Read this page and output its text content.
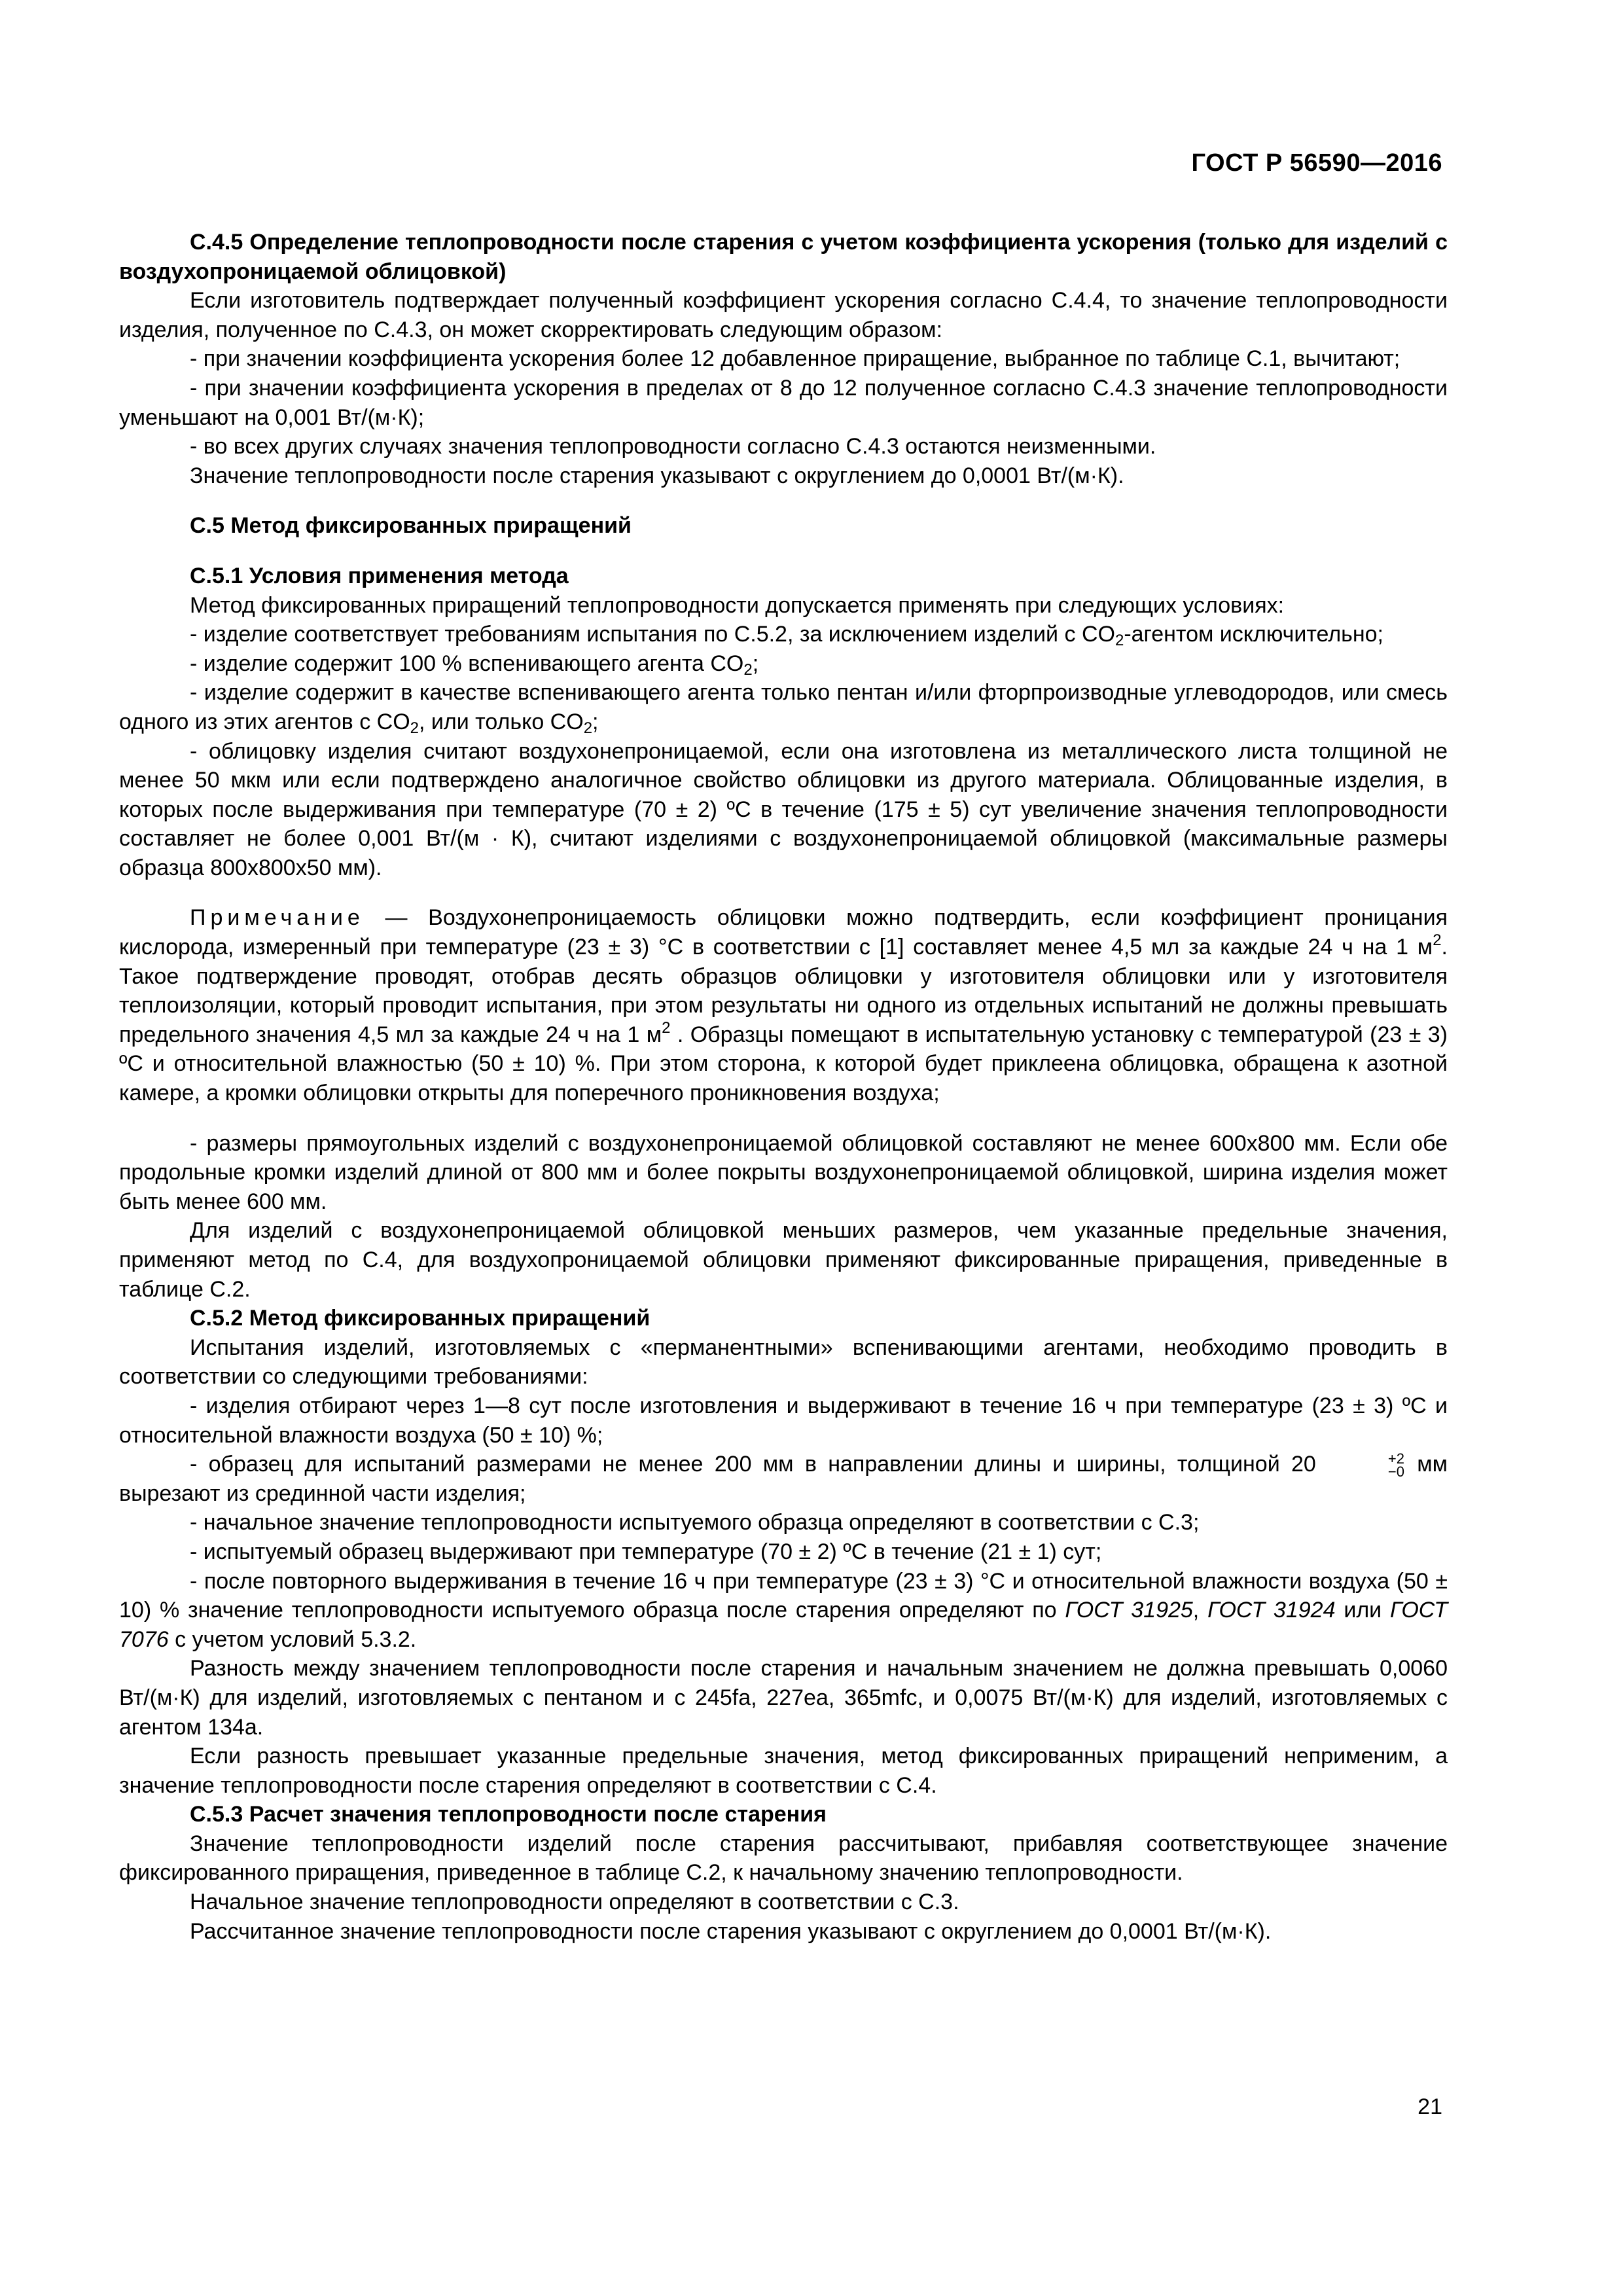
ГОСТ Р 56590—2016

С.4.5 Определение теплопроводности после старения с учетом коэффициента ускорения (только для изделий с воздухопроницаемой облицовкой)

Если изготовитель подтверждает полученный коэффициент ускорения согласно С.4.4, то значение теплопроводности изделия, полученное по С.4.3, он может скорректировать следующим образом:

- при значении коэффициента ускорения более 12 добавленное приращение, выбранное по таблице С.1, вычитают;

- при значении коэффициента ускорения в пределах от 8 до 12 полученное согласно С.4.3 значение теплопроводности уменьшают на 0,001 Вт/(м·К);

- во всех других случаях значения теплопроводности согласно С.4.3 остаются неизменными.

Значение теплопроводности после старения указывают с округлением до 0,0001 Вт/(м·К).

С.5 Метод фиксированных приращений

С.5.1 Условия применения метода

Метод фиксированных приращений теплопроводности допускается применять при следующих условиях:

- изделие соответствует требованиям испытания по С.5.2, за исключением изделий с $CO_2$-агентом исключительно;

- изделие содержит 100 % вспенивающего агента $CO_2$;

- изделие содержит в качестве вспенивающего агента только пентан и/или фторпроизводные углеводородов, или смесь одного из этих агентов с $CO_2$, или только $CO_2$;

- облицовку изделия считают воздухонепроницаемой, если она изготовлена из металлического листа толщиной не менее 50 мкм или если подтверждено аналогичное свойство облицовки из другого материала. Облицованные изделия, в которых после выдерживания при температуре (70 ± 2) ºС в течение (175 ± 5) сут увеличение значения теплопроводности составляет не более 0,001 Вт/(м · К), считают изделиями с воздухонепроницаемой облицовкой (максимальные размеры образца 800х800х50 мм).

Примечание — Воздухонепроницаемость облицовки можно подтвердить, если коэффициент проницания кислорода, измеренный при температуре (23 ± 3) °С в соответствии с [1] составляет менее 4,5 мл за каждые 24 ч на 1 $м^2$. Такое подтверждение проводят, отобрав десять образцов облицовки у изготовителя облицовки или у изготовителя теплоизоляции, который проводит испытания, при этом результаты ни одного из отдельных испытаний не должны превышать предельного значения 4,5 мл за каждые 24 ч на 1 $м^2$ . Образцы помещают в испытательную установку с температурой (23 ± 3) ºС и относительной влажностью (50 ± 10) %. При этом сторона, к которой будет приклеена облицовка, обращена к азотной камере, а кромки облицовки открыты для поперечного проникновения воздуха;

- размеры прямоугольных изделий с воздухонепроницаемой облицовкой составляют не менее 600х800 мм. Если обе продольные кромки изделий длиной от 800 мм и более покрыты воздухонепроницаемой облицовкой, ширина изделия может быть менее 600 мм.

Для изделий с воздухонепроницаемой облицовкой меньших размеров, чем указанные предельные значения, применяют метод по С.4, для воздухопроницаемой облицовки применяют фиксированные приращения, приведенные в таблице С.2.

С.5.2 Метод фиксированных приращений

Испытания изделий, изготовляемых с «перманентными» вспенивающими агентами, необходимо проводить в соответствии со следующими требованиями:

- изделия отбирают через 1—8 сут после изготовления и выдерживают в течение 16 ч при температуре (23 ± 3) ºС и относительной влажности воздуха (50 ± 10) %;

- образец для испытаний размерами не менее 200 мм в направлении длины и ширины, толщиной 20	+2
−0 мм вырезают из срединной части изделия;

- начальное значение теплопроводности испытуемого образца определяют в соответствии с С.3;

- испытуемый образец выдерживают при температуре (70 ± 2) ºС в течение (21 ± 1) сут;

- после повторного выдерживания в течение 16 ч при температуре (23 ± 3) °С и относительной влажности воздуха (50 ± 10) % значение теплопроводности испытуемого образца после старения определяют по ГОСТ 31925, ГОСТ 31924 или ГОСТ 7076 с учетом условий 5.3.2.

Разность между значением теплопроводности после старения и начальным значением не должна превышать 0,0060 Вт/(м·К) для изделий, изготовляемых с пентаном и с 245fa, 227ea, 365mfc, и 0,0075 Вт/(м·К) для изделий, изготовляемых с агентом 134а.

Если разность превышает указанные предельные значения, метод фиксированных приращений неприменим, а значение теплопроводности после старения определяют в соответствии с С.4.

С.5.3 Расчет значения теплопроводности после старения

Значение теплопроводности изделий после старения рассчитывают, прибавляя соответствующее значение фиксированного приращения, приведенное в таблице С.2, к начальному значению теплопроводности.

Начальное значение теплопроводности определяют в соответствии с С.3.

Рассчитанное значение теплопроводности после старения указывают с округлением до 0,0001 Вт/(м·К).

21
